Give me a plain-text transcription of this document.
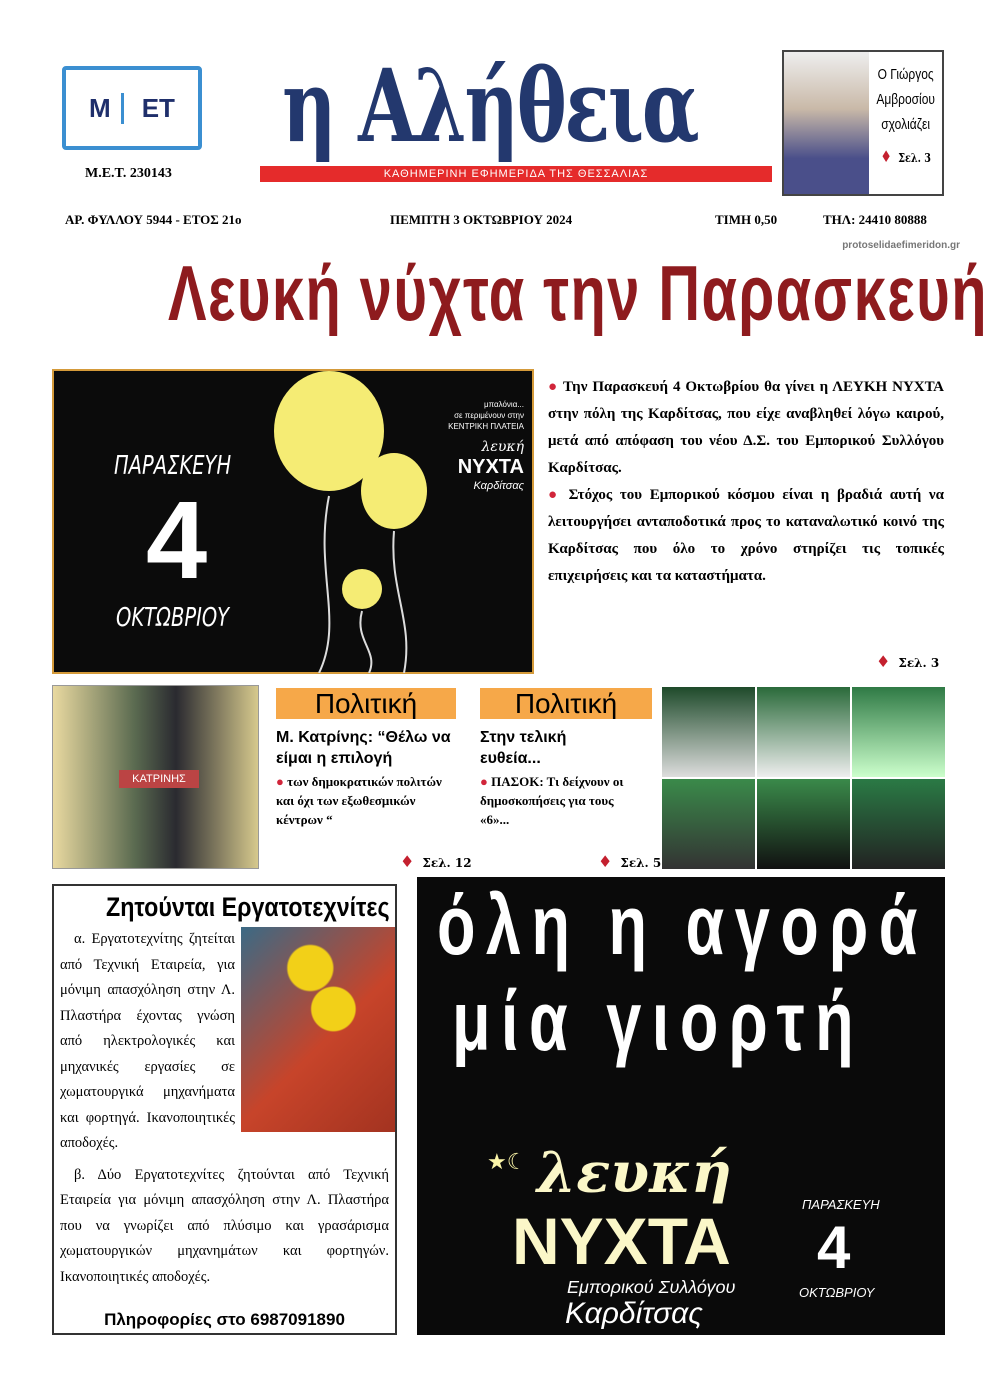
Μ	ΕΤ
Μ.Ε.Τ. 230143
η Αλήθεια
ΚΑΘΗΜΕΡΙΝΗ ΕΦΗΜΕΡΙΔΑ ΤΗΣ ΘΕΣΣΑΛΙΑΣ
Ο Γιώργος
Αμβροσίου
σχολιάζει
♦ Σελ. 3
ΑΡ. ΦΥΛΛΟΥ 5944 - ΕΤΟΣ 21ο	ΠΕΜΠΤΗ 3 ΟΚΤΩΒΡΙΟΥ 2024	ΤΙΜΗ 0,50	ΤΗΛ: 24410 80888
protoselidaefimeridon.gr
Λευκή νύχτα την Παρασκευή
ΠΑΡΑΣΚΕΥΗ
4
ΟΚΤΩΒΡΙΟΥ
μπαλόνια...
σε περιμένουν στην
ΚΕΝΤΡΙΚΗ ΠΛΑΤΕΙΑ
λευκή
ΝΥΧΤΑ
Καρδίτσας
● Την Παρασκευή 4 Οκτωβρίου θα γίνει η ΛΕΥΚΗ ΝΥΧΤΑ στην πόλη της Καρδίτσας, που είχε αναβληθεί λόγω καιρού, μετά από απόφαση του νέου Δ.Σ. του Εμπορικού Συλλόγου Καρδίτσας.
● Στόχος του Εμπορικού κόσμου είναι η βραδιά αυτή να λειτουργήσει ανταποδοτικά προς το καταναλωτικό κοινό της Καρδίτσας που όλο το χρόνο στηρίζει τις τοπικές επιχειρήσεις και τα καταστήματα.
♦ Σελ. 3
ΚΑΤΡΙΝΗΣ
Πολιτική
Μ. Κατρίνης: “Θέλω να είμαι η επιλογή
● των δημοκρατικών πολιτών και όχι των εξωθεσμικών κέντρων “
♦ Σελ. 12
Πολιτική
Στην τελική ευθεία...
● ΠΑΣΟΚ: Τι δείχνουν οι δημοσκοπήσεις για τους «6»...
♦ Σελ. 5
Ζητούνται Εργατοτεχνίτες

α. Εργατοτεχνίτης ζητείται από Τεχνική Εταιρεία, για μόνιμη απασχόληση στην Λ. Πλαστήρα έχοντας γνώση από ηλεκτρολογικές και μηχανικές εργασίες σε χωματουργικά μηχανήματα και φορτηγά. Ικανοποιητικές αποδοχές.

β. Δύο Εργατοτεχνίτες ζητούνται από Τεχνική Εταιρεία για μόνιμη απασχόληση στην Λ. Πλαστήρα που να γνωρίζει από πλύσιμο και γρασάρισμα χωματουργικών μηχανημάτων και φορτηγών. Ικανοποιητικές αποδοχές.

Πληροφορίες στο 6987091890
όλη η αγορά
μία γιορτή
★☾ λευκή
ΝΥΧΤΑ
Εμπορικού Συλλόγου
Καρδίτσας
ΠΑΡΑΣΚΕΥΗ
4
ΟΚΤΩΒΡΙΟΥ
